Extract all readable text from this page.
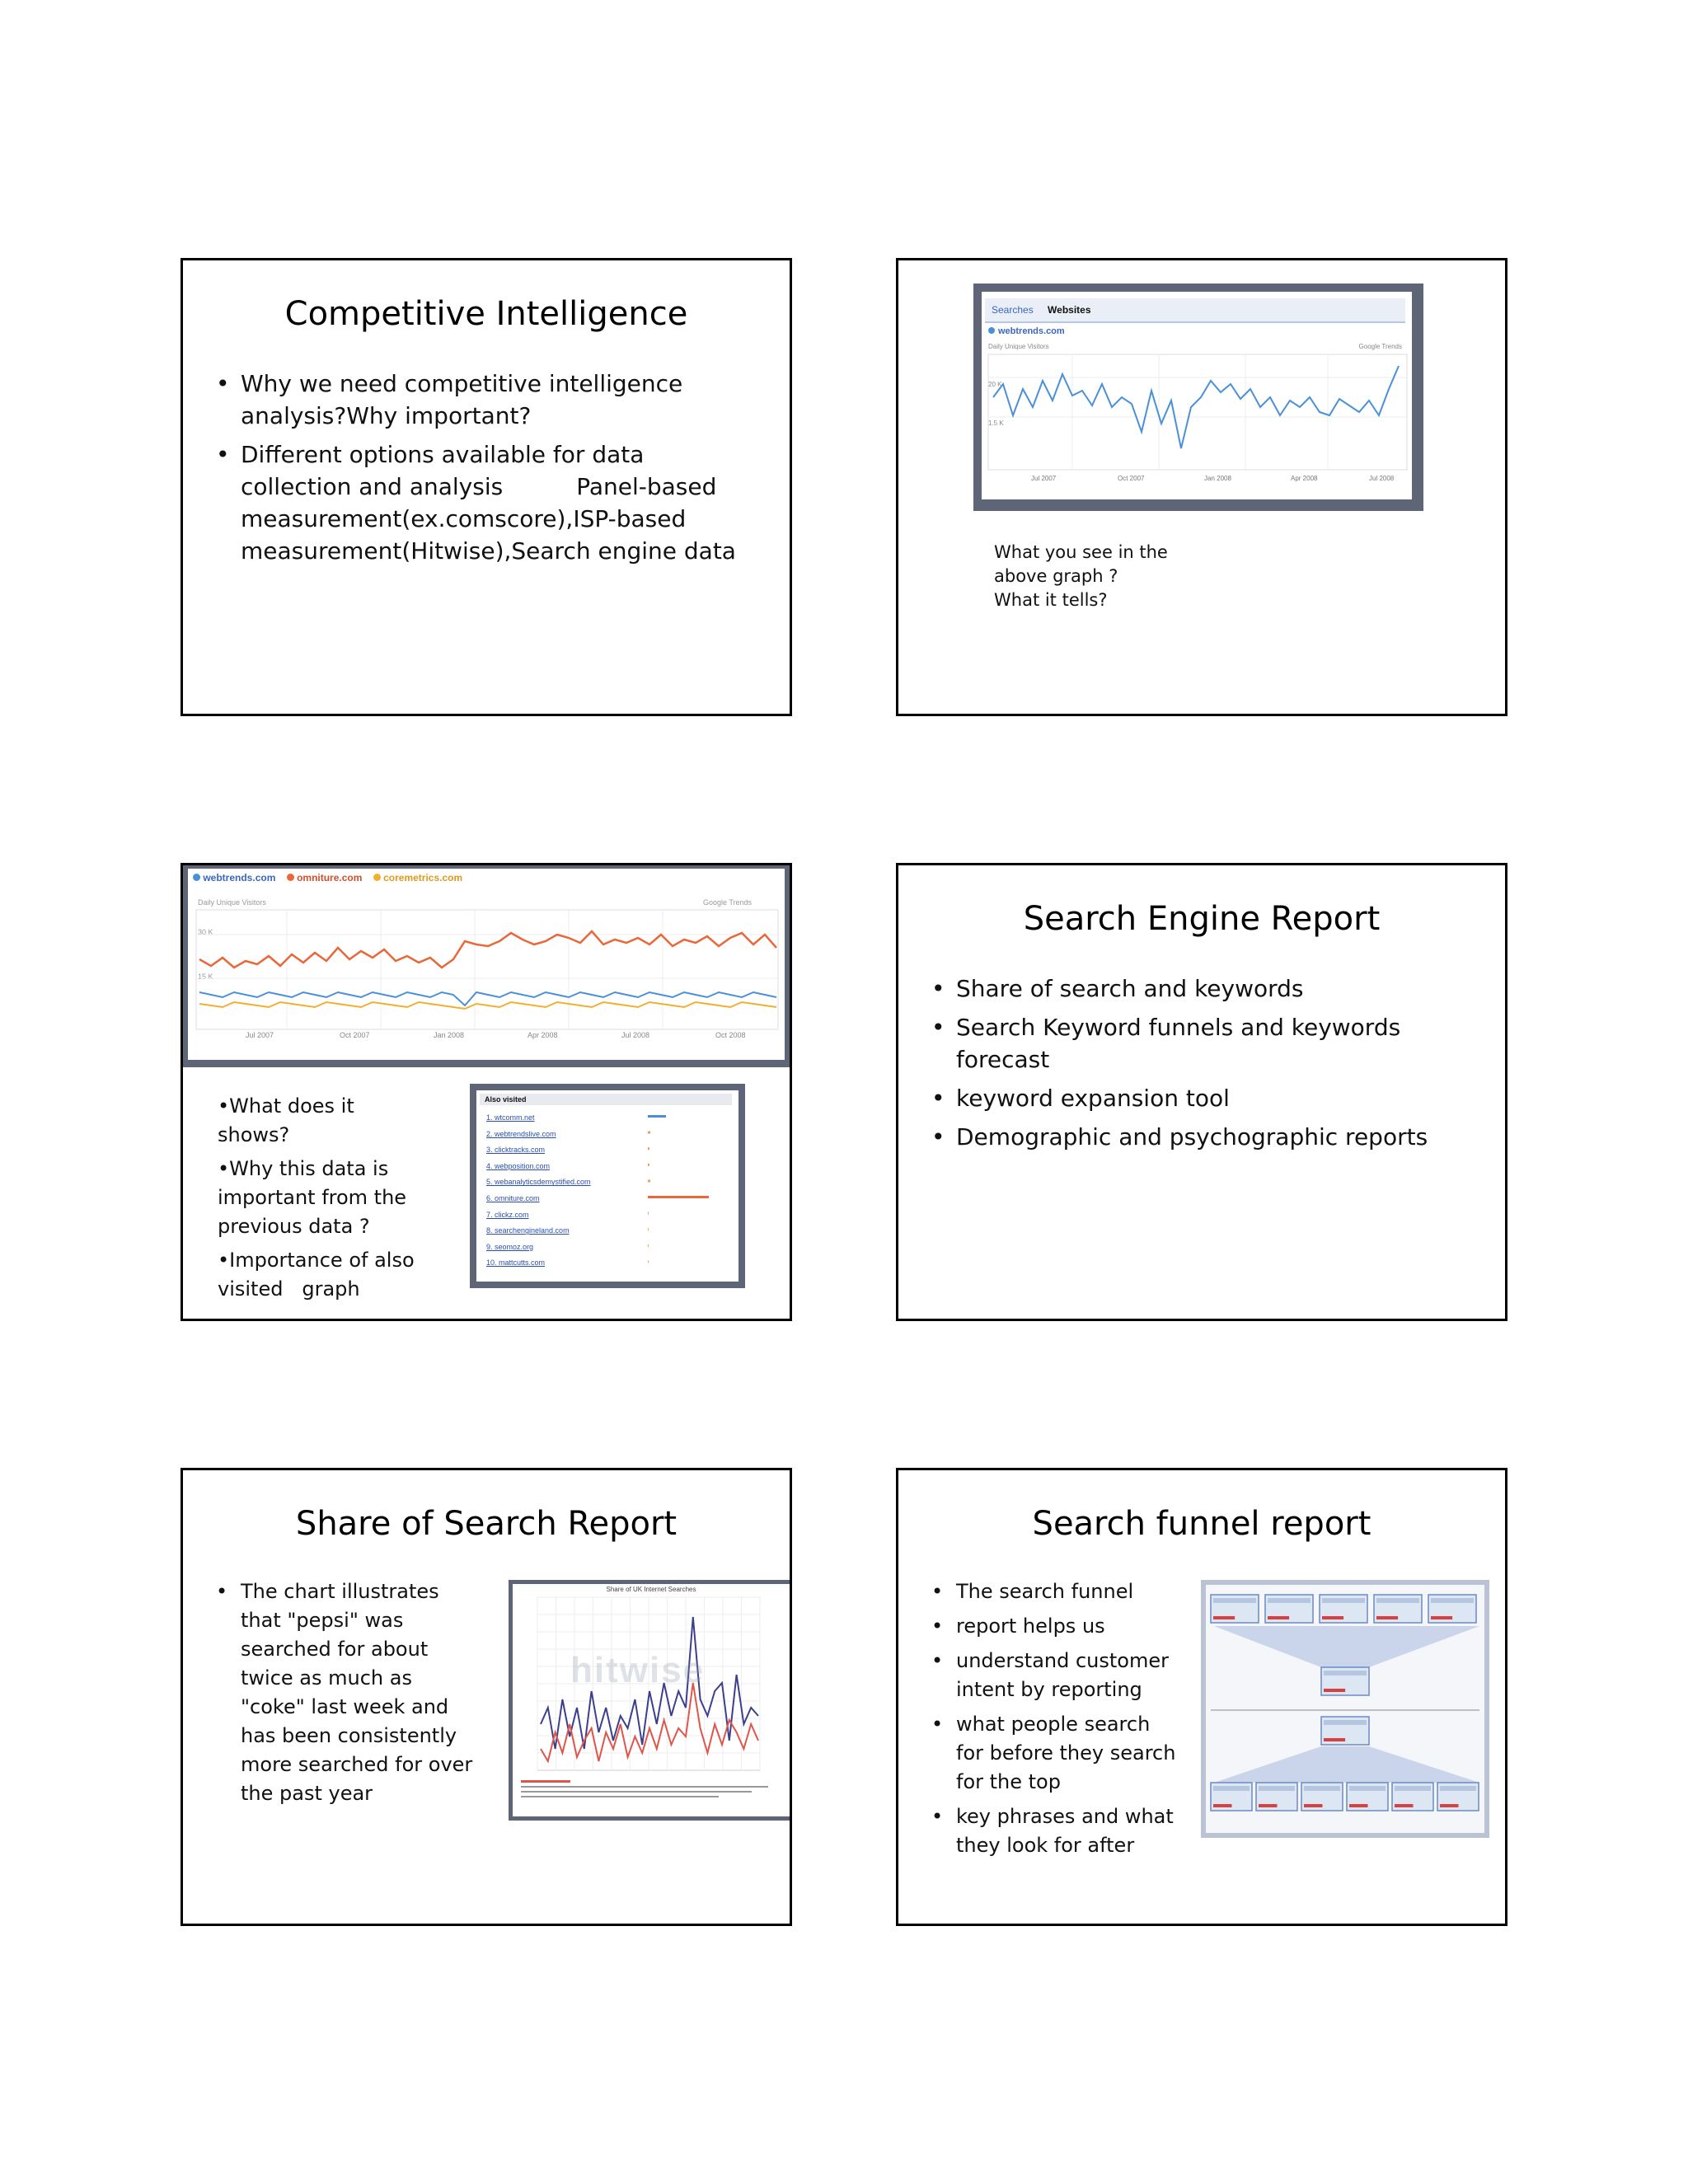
Competitive Intelligence
• Why we need competitive intelligence analysis?Why important?
• Different options available for data collection and analysis          Panel-based measurement(ex.comscore),ISP-based measurement(Hitwise),Search engine data
Searches Websites
webtrends.com
Daily Unique Visitors	Google Trends
20 K
1.5 K
Jul 2007	Oct 2007	Jan 2008	Apr 2008	Jul 2008
What you see in the above graph ?
What it tells?
webtrends.com omniture.com coremetrics.com
Daily Unique Visitors	Google Trends
30 K
15 K
Jul 2007	Oct 2007	Jan 2008	Apr 2008	Jul 2008	Oct 2008
•What does it shows?
•Why this data is important from the previous data ?
•Importance of also visited   graph
Also visited
1. wtcomm.net
2. webtrendslive.com
3. clicktracks.com
4. webposition.com
5. webanalyticsdemystified.com
6. omniture.com
7. clickz.com
8. searchengineland.com
9. seomoz.org
10. mattcutts.com
Search Engine Report
• Share of search and keywords
• Search Keyword funnels and keywords forecast
• keyword expansion tool
• Demographic and psychographic reports
Share of Search Report
• The chart illustrates that "pepsi" was searched for about twice as much as "coke" last week and has been consistently more searched for over the past year
Share of UK Internet Searches
hitwise
Search funnel report
• The search funnel
• report helps us
• understand customer intent by reporting
• what people search for before they search for the top
• key phrases and what they look for after
